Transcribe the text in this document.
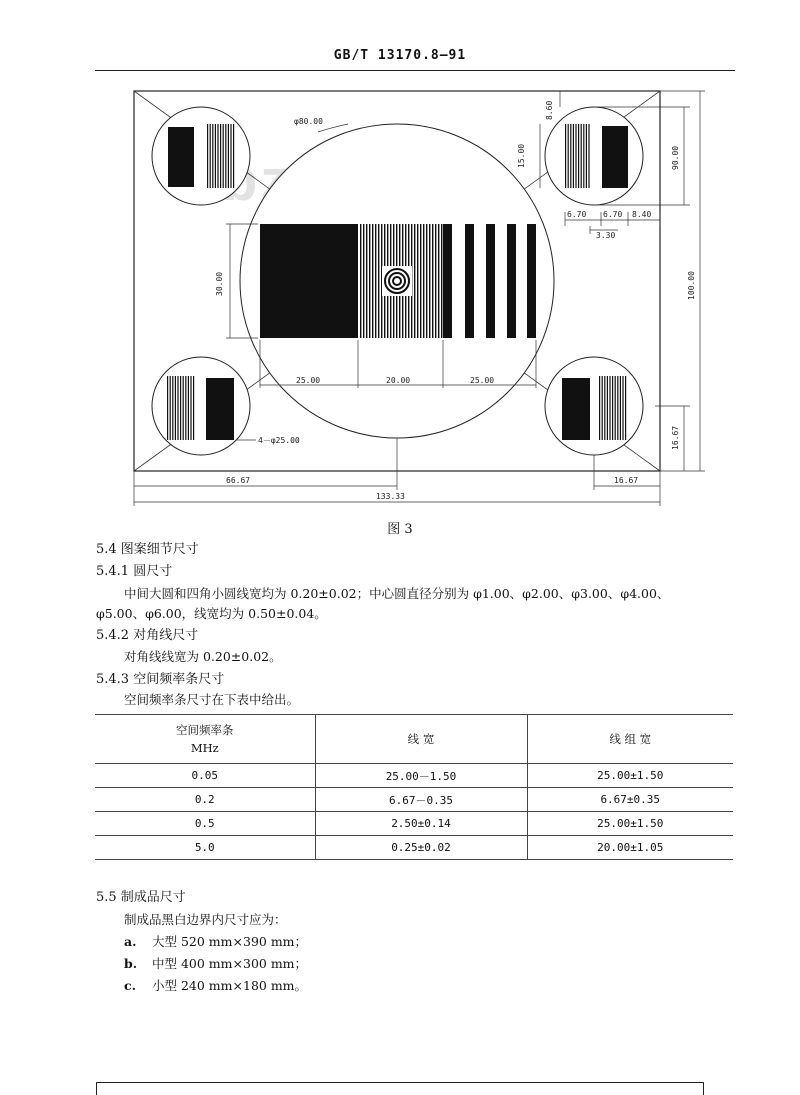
GB/T 13170.8—91
φ80.00
4－φ25.00
8.60
15.00
6.70 6.70 8.40
3.30
90.00
100.00
30.00
25.00	20.00	25.00
16.67
66.67	16.67
133.33
图 3
5.4 图案细节尺寸
5.4.1 圆尺寸
中间大圆和四角小圆线宽均为 0.20±0.02；中心圆直径分别为 φ1.00、φ2.00、φ3.00、φ4.00、
φ5.00、φ6.00，线宽均为 0.50±0.04。
5.4.2 对角线尺寸
对角线线宽为 0.20±0.02。
5.4.3 空间频率条尺寸
空间频率条尺寸在下表中给出。
空间频率条
MHz	线 宽	线 组 宽
0.05	25.00－1.50	25.00±1.50
0.2	6.67－0.35	6.67±0.35
0.5	2.50±0.14	25.00±1.50
5.0	0.25±0.02	20.00±1.05
5.5 制成品尺寸
制成品黑白边界内尺寸应为：
a. 大型 520 mm×390 mm；
b. 中型 400 mm×300 mm；
c. 小型 240 mm×180 mm。
